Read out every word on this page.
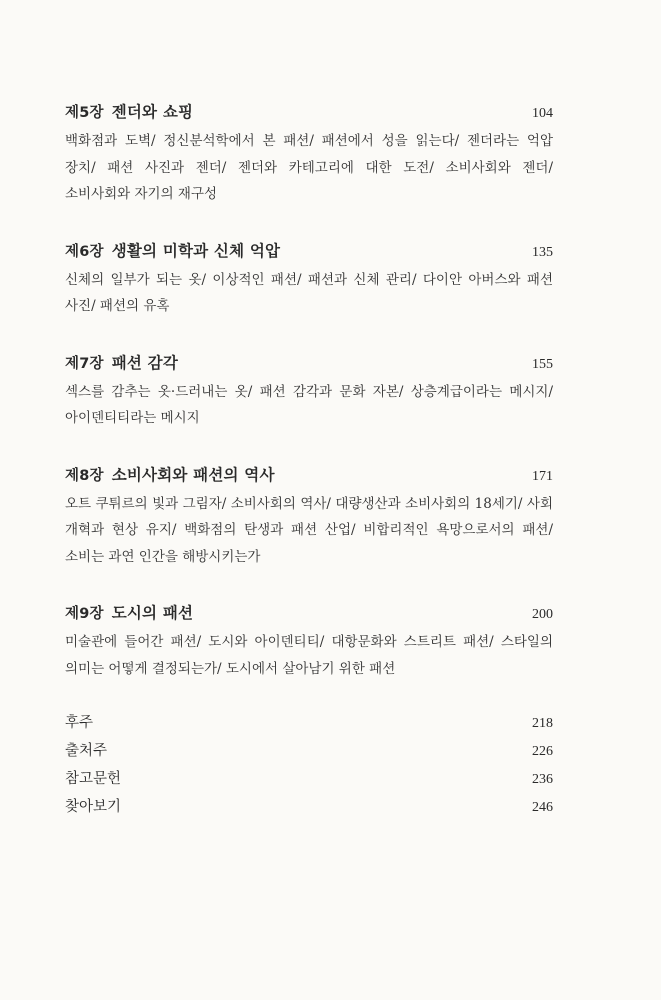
제5장 젠더와 쇼핑	104
백화점과 도벽/ 정신분석학에서 본 패션/ 패션에서 성을 읽는다/ 젠더라는 억압 장치/ 패션 사진과 젠더/ 젠더와 카테고리에 대한 도전/ 소비사회와 젠더/ 소비사회와 자기의 재구성
제6장 생활의 미학과 신체 억압	135
신체의 일부가 되는 옷/ 이상적인 패션/ 패션과 신체 관리/ 다이안 아버스와 패션 사진/ 패션의 유혹
제7장 패션 감각	155
섹스를 감추는 옷·드러내는 옷/ 패션 감각과 문화 자본/ 상층계급이라는 메시지/ 아이덴티티라는 메시지
제8장 소비사회와 패션의 역사	171
오트 쿠튀르의 빛과 그림자/ 소비사회의 역사/ 대량생산과 소비사회의 18세기/ 사회 개혁과 현상 유지/ 백화점의 탄생과 패션 산업/ 비합리적인 욕망으로서의 패션/ 소비는 과연 인간을 해방시키는가
제9장 도시의 패션	200
미술관에 들어간 패션/ 도시와 아이덴티티/ 대항문화와 스트리트 패션/ 스타일의 의미는 어떻게 결정되는가/ 도시에서 살아남기 위한 패션
후주	218
출처주	226
참고문헌	236
찾아보기	246
